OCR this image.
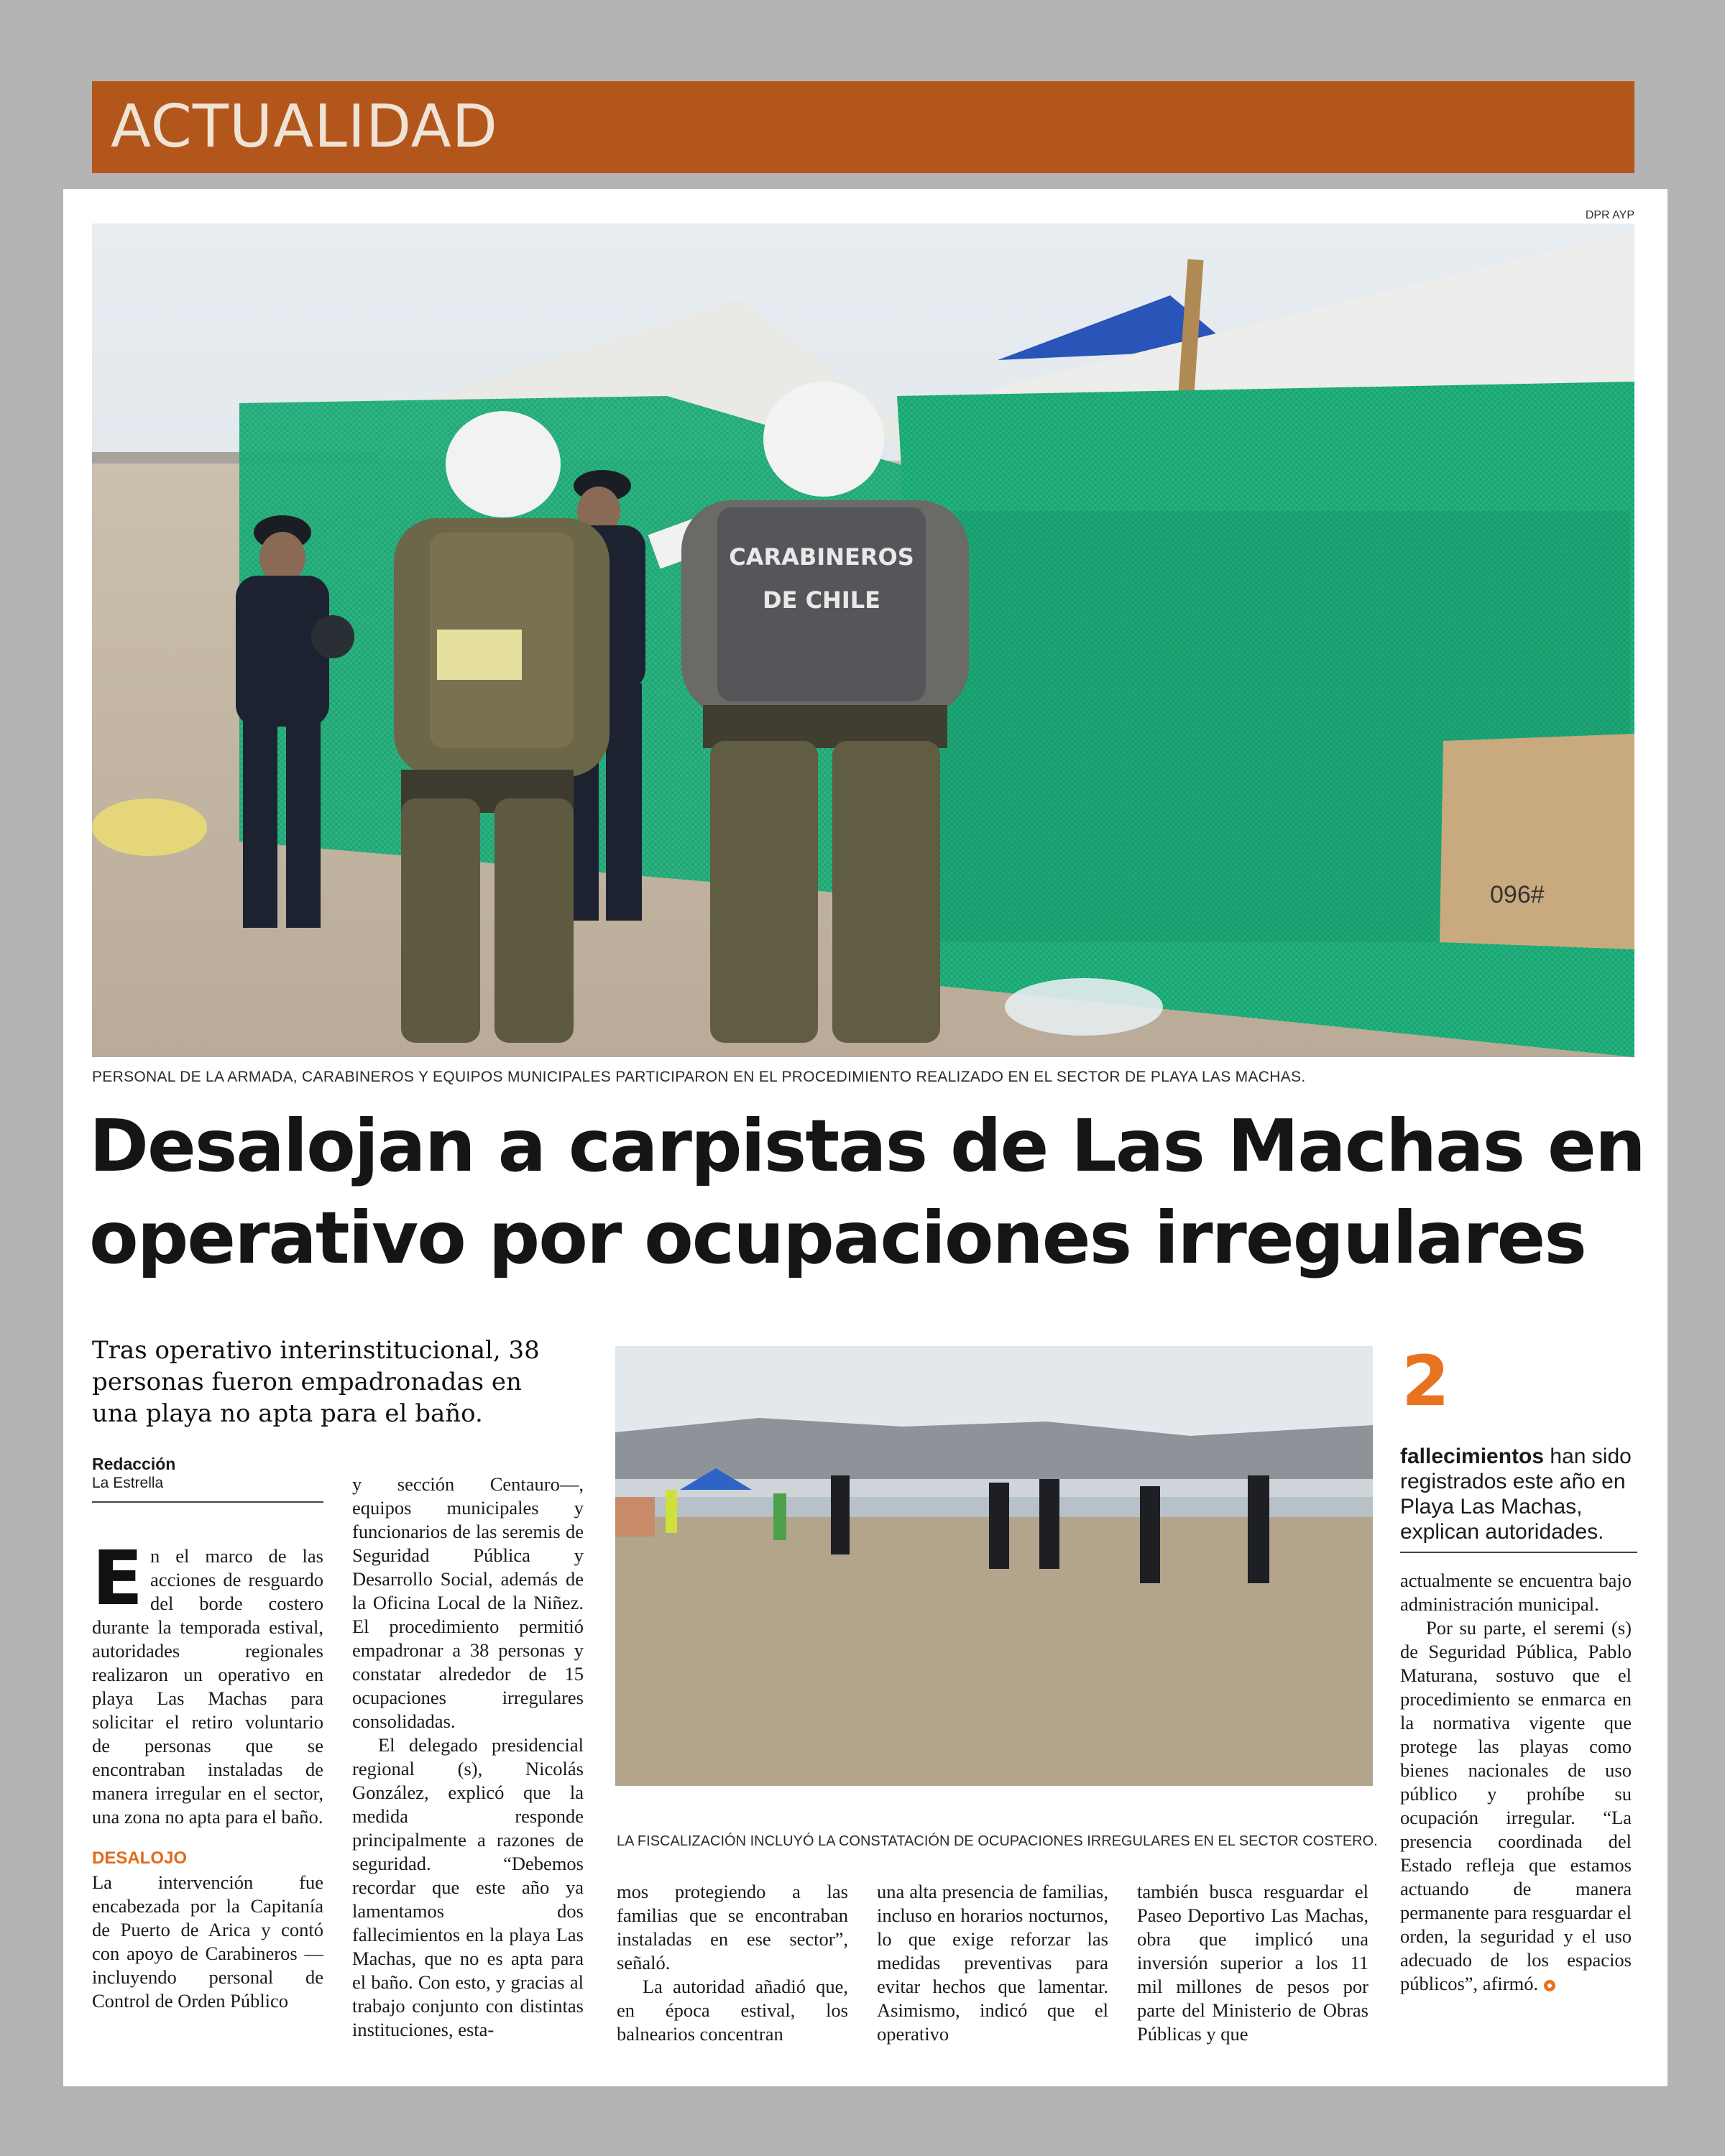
ACTUALIDAD
DPR AYP
096#
CARABINEROS
DE CHILE
PERSONAL DE LA ARMADA, CARABINEROS Y EQUIPOS MUNICIPALES PARTICIPARON EN EL PROCEDIMIENTO REALIZADO EN EL SECTOR DE PLAYA LAS MACHAS.
Desalojan a carpistas de Las Machas en operativo por ocupaciones irregulares

Tras operativo interinstitucional, 38 personas fueron empadronadas en una playa no apta para el baño.

Redacción
La Estrella

En el marco de las acciones de resguardo del borde costero durante la temporada estival, autoridades regionales realizaron un operativo en playa Las Machas para solicitar el retiro voluntario de personas que se encontraban instaladas de manera irregular en el sector, una zona no apta para el baño.

DESALOJO

La intervención fue encabezada por la Capitanía de Puerto de Arica y contó con apoyo de Carabineros —incluyendo personal de Control de Orden Público

y sección Centauro—, equipos municipales y funcionarios de las seremis de Seguridad Pública y Desarrollo Social, además de la Oficina Local de la Niñez. El procedimiento permitió empadronar a 38 personas y constatar alrededor de 15 ocupaciones irregulares consolidadas.

El delegado presidencial regional (s), Nicolás González, explicó que la medida responde principalmente a razones de seguridad. “Debemos recordar que este año ya lamentamos dos fallecimientos en la playa Las Machas, que no es apta para el baño. Con esto, y gracias al trabajo conjunto con distintas instituciones, esta-

LA FISCALIZACIÓN INCLUYÓ LA CONSTATACIÓN DE OCUPACIONES IRREGULARES EN EL SECTOR COSTERO.

mos protegiendo a las familias que se encontraban instaladas en ese sector”, señaló.

La autoridad añadió que, en época estival, los balnearios concentran

una alta presencia de familias, incluso en horarios nocturnos, lo que exige reforzar las medidas preventivas para evitar hechos que lamentar. Asimismo, indicó que el operativo

también busca resguardar el Paseo Deportivo Las Machas, obra que implicó una inversión superior a los 11 mil millones de pesos por parte del Ministerio de Obras Públicas y que

2

fallecimientos han sido registrados este año en Playa Las Machas, explican autoridades.

actualmente se encuentra bajo administración municipal.

Por su parte, el seremi (s) de Seguridad Pública, Pablo Maturana, sostuvo que el procedimiento se enmarca en la normativa vigente que protege las playas como bienes nacionales de uso público y prohíbe su ocupación irregular. “La presencia coordinada del Estado refleja que estamos actuando de manera permanente para resguardar el orden, la seguridad y el uso adecuado de los espacios públicos”, afirmó.
